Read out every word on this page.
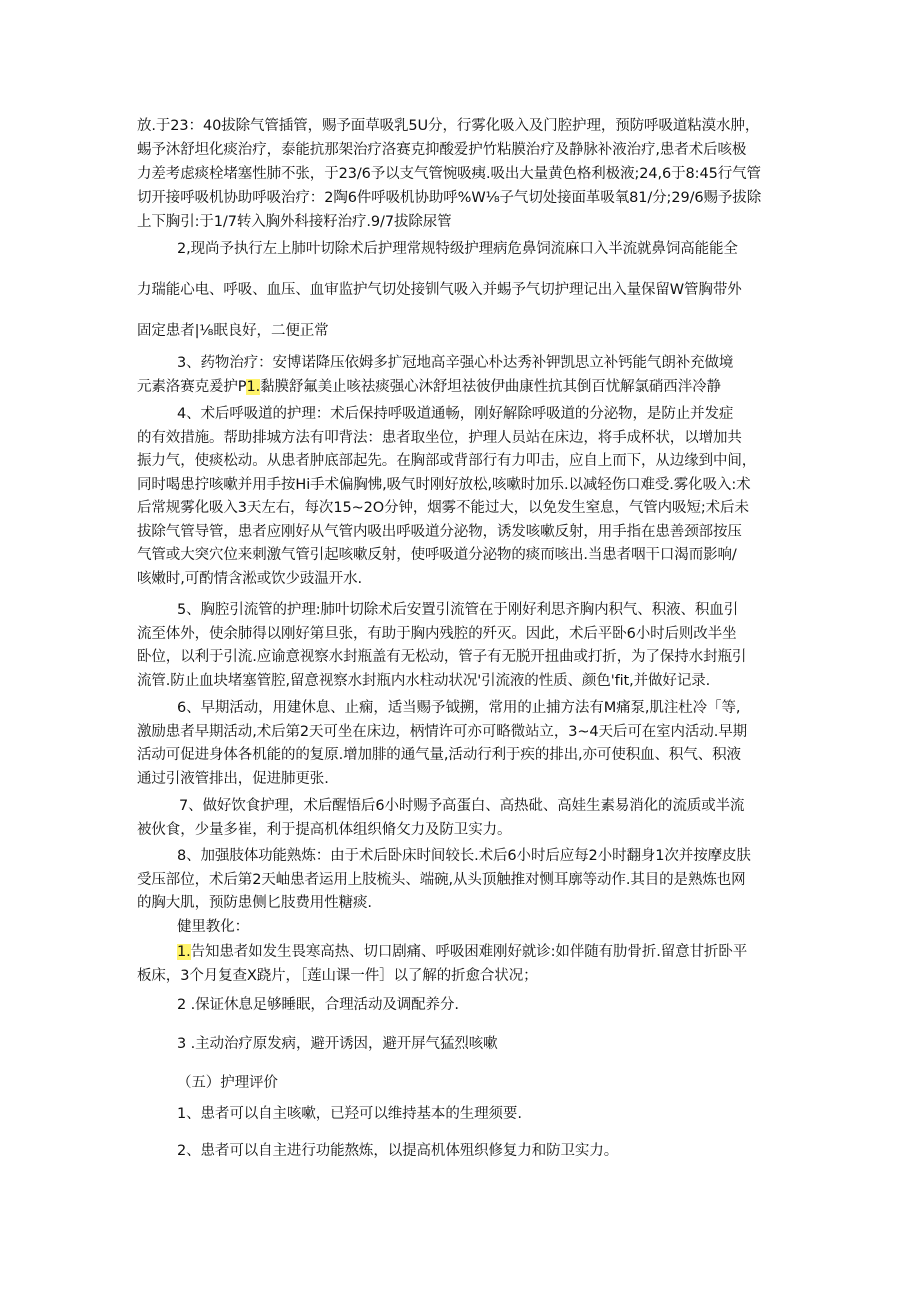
放.于23：40拔除气管插管，赐予面草吸乳5U分，行雾化吸入及门腔护理，预防呼吸道粘漠水肿，
蜴予沐舒坦化痰治疗，泰能抗那架治疗洛赛克抑酸爱护竹粘膜治疗及静脉补液治疗,患者术后咳极
力差考虑痰栓堵塞性肺不张，于23/6予以支气管惋吸痍.吸出大量黄色格利极液;24,6于8:45行气管
切开接呼吸机协助呼吸治疗：2陶6件呼吸机协助呼%W⅛子气切处接面革吸氧81/分;29/6赐予拔除
上下胸引:于1/7转入胸外科接籽治疗.9/7拔除尿管
2,现尚予执行左上肺叶切除术后护理常规特级护理病危鼻饲流麻口入半流就鼻饲高能能全
力瑞能心电、呼吸、血压、血审监护气切处接钏气吸入并蜴予气切护理记出入量保留W管胸带外
固定患者|⅛眠良好，二便正常
3、药物治疗：安博诺降压依姆多扩冠地高辛强心朴达秀补钾凯思立补钙能气朗补充做境
元素洛赛克爰护P1.黏膜舒氟美止咳祛痰强心沐舒坦祛彼伊曲康性抗其倒百忧解氯硝西泮冷静
4、术后呼吸道的护理：术后保持呼吸道通畅，刚好解除呼吸道的分泌物，是防止并发症
的有效措施。帮助排城方法有叩背法：患者取坐位，护理人员站在床边，将手成杯状，以增加共
振力气，使痰松动。从患者肿底部起先。在胸部或背部行有力叩击，应自上而下，从边缘到中间，
同时喝患拧咳嗽并用手按Hi手术偏胸怫,吸气时刚好放松,咳嗽时加乐.以减轻伤口难受.雾化吸入:术
后常规雾化吸入3天左右，每次15~2O分钟，烟雾不能过大，以免发生窒息，气管内吸短;术后未
拔除气管导管，患者应刚好从气管内吸出呼吸道分泌物，诱发咳嗽反射，用手指在患善颈部按压
气管或大突穴位来刺激气管引起咳嗽反射，使呼吸道分泌物的痰而咳出.当患者咽干口渴而影响/
咳嫩时,可酌情含淞或饮少豉温开水.
5、胸腔引流管的护理:肺叶切除术后安置引流管在于刚好利思齐胸内积气、积液、积血引
流至体外，使余肺得以刚好第旦张，有助于胸内残腔的歼灭。因此，术后平卧6小时后则改半坐
卧位，以利于引流.应谕意视察水封瓶盖有无松动，管子有无脱开扭曲或打折，为了保持水封瓶引
流管.防止血块堵塞管腔,留意视察水封瓶内水柱动状况'引流液的性质、颜色'fit,并做好记录.
6、早期活动，用建休息、止痫，适当赐予钺搠，常用的止捕方法有M痛泵,肌注杜冷「等,
激励患者早期活动,术后第2天可坐在床边，柄情许可亦可略微站立，3~4天后可在室内活动.早期
活动可促进身体各机能的的复原.增加腓的通气量,活动行利于疾的排出,亦可使积血、积气、积液
通过引液管排出，促进肺更张.
7、做好饮食护理，术后醒悟后6小时赐予高蛋白、高热砒、高娃生素易消化的流质或半流
被伙食，少量多崔，利于提高机体组织脩攵力及防卫实力。
8、加强肢体功能熟炼：由于术后卧床时间较长.术后6小时后应每2小时翻身1次并按摩皮肤
受压部位，术后第2天岫患者运用上肢梳头、端碗,从头顶触推对恻耳廓等动作.其目的是熟炼也网
的胸大肌，预防患侧匕肢费用性糖痰.
健里教化：
1.告知患者如发生畏寒高热、切口剧痛、呼吸困难刚好就诊:如伴随有肋骨折.留意甘折卧平
板床，3个月复查X跷片，［莲山课一件］以了解的折愈合状况；
2 .保证休息足够睡眠，合理活动及调配养分.
3 .主动治疗原发病，避开诱因，避开屏气猛烈咳嗽
（五）护理评价
1、患者可以自主咳嗽，已羟可以维持基本的生理须要.
2、患者可以自主进行功能熬炼，以提高机体殂织修复力和防卫实力。
